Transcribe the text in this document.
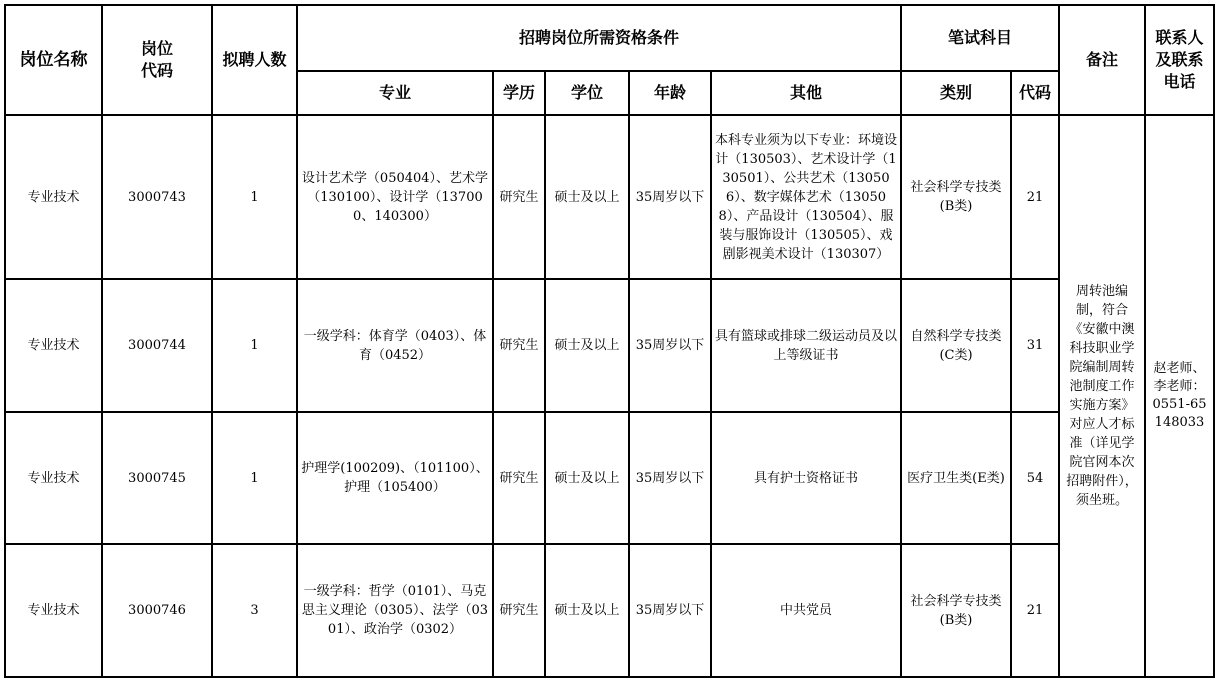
岗位名称	岗位代码	拟聘人数	招聘岗位所需资格条件					笔试科目		备注	联系人及联系电话
			专业	学历	学位	年龄	其他	类别	代码		
专业技术	3000743	1	设计艺术学（050404）、艺术学（130100）、设计学（137000、140300）	研究生	硕士及以上	35周岁以下	本科专业须为以下专业：环境设计（130503）、艺术设计学（130501）、公共艺术（130506）、数字媒体艺术（130508）、产品设计（130504）、服装与服饰设计（130505）、戏剧影视美术设计（130307）	社会科学专技类(B类)	21	周转池编制，符合《安徽中澳科技职业学院编制周转池制度工作实施方案》对应人才标准（详见学院官网本次招聘附件），须坐班。	赵老师、李老师：0551-65148033
专业技术	3000744	1	一级学科：体育学（0403）、体育（0452）	研究生	硕士及以上	35周岁以下	具有篮球或排球二级运动员及以上等级证书	自然科学专技类(C类)	31		
专业技术	3000745	1	护理学(100209)、（101100）、护理（105400）	研究生	硕士及以上	35周岁以下	具有护士资格证书	医疗卫生类(E类)	54		
专业技术	3000746	3	一级学科：哲学（0101）、马克思主义理论（0305）、法学（0301）、政治学（0302）	研究生	硕士及以上	35周岁以下	中共党员	社会科学专技类(B类)	21		
